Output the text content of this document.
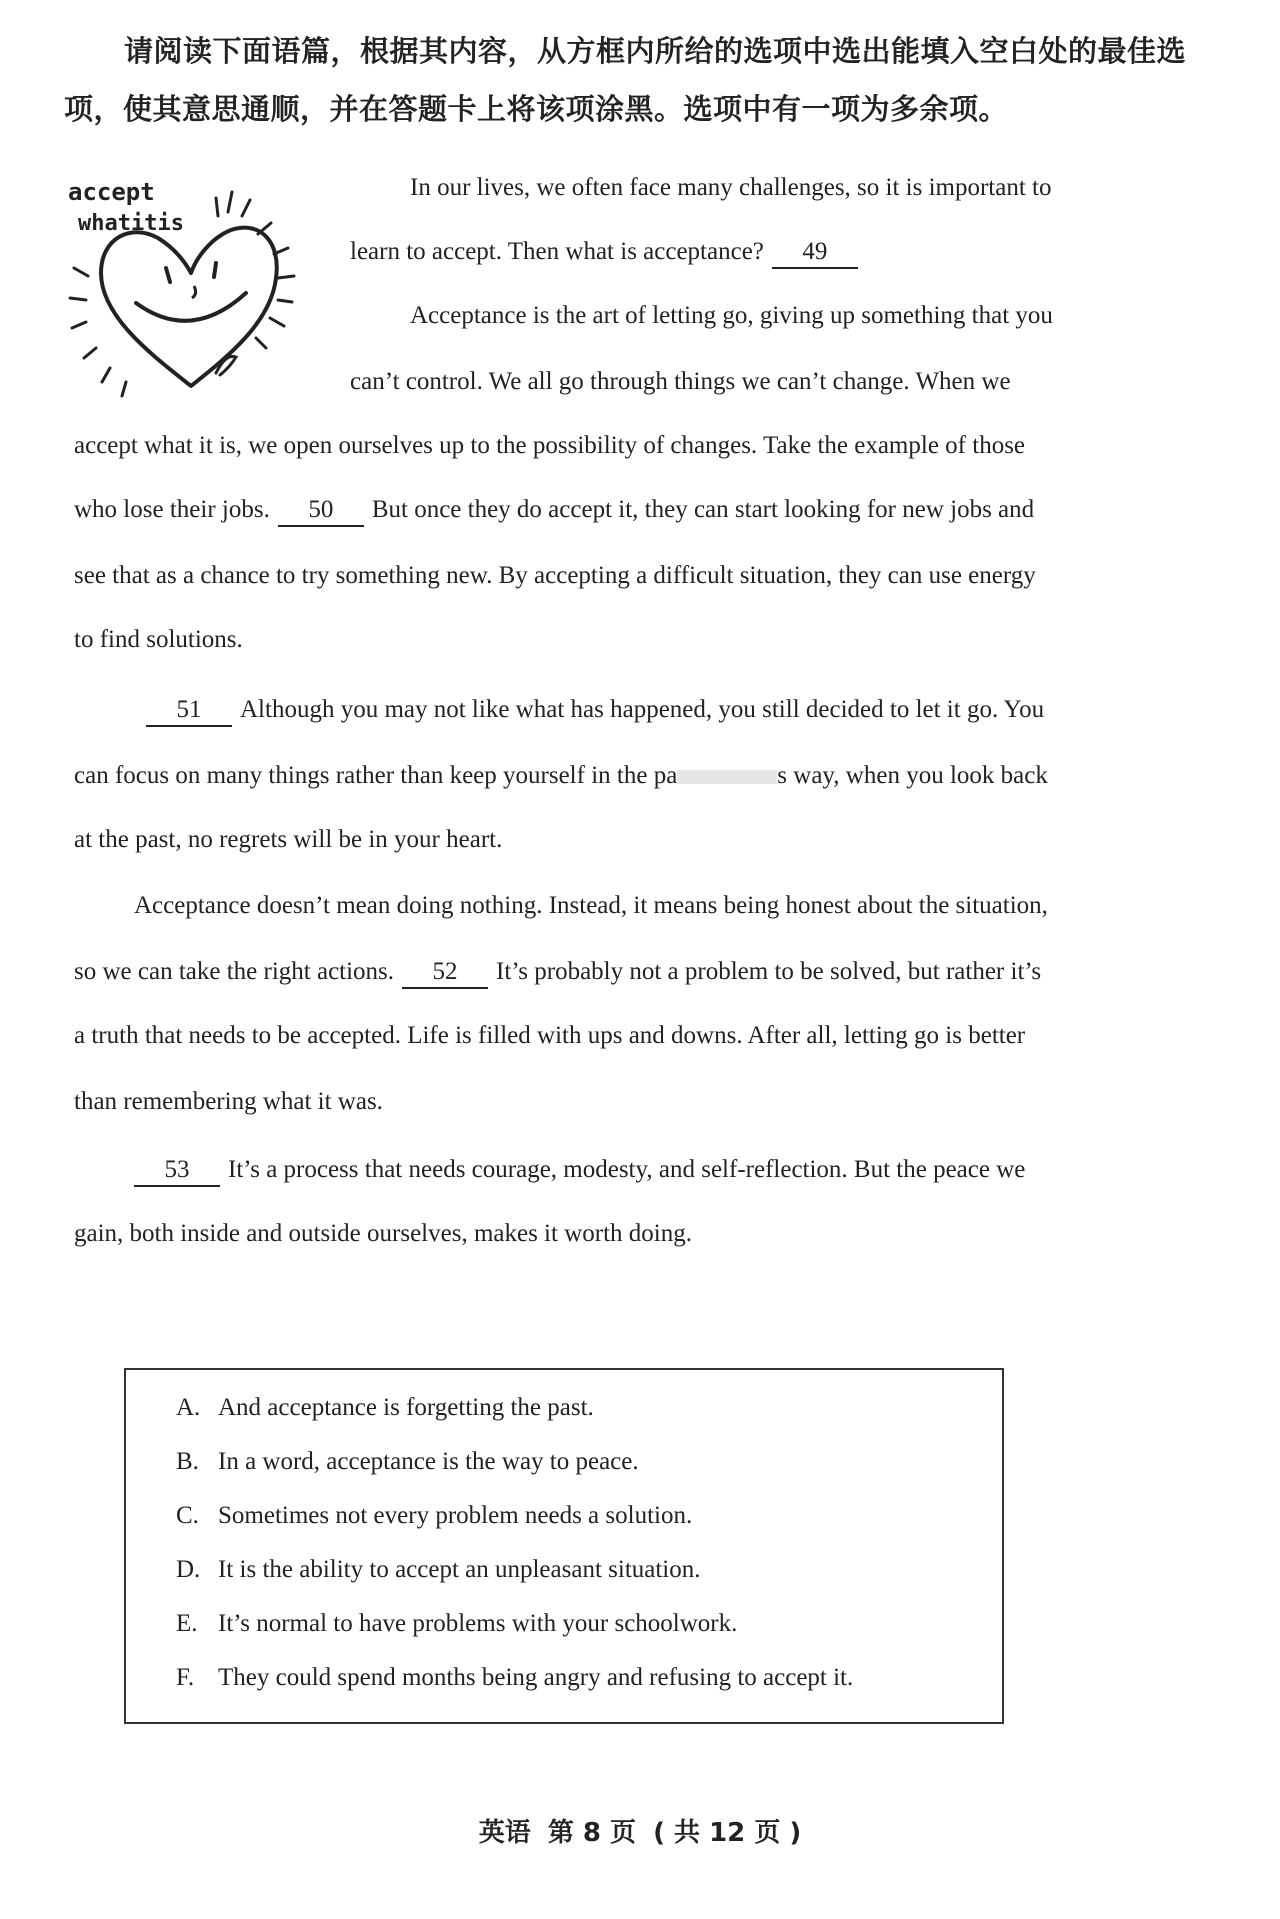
请阅读下面语篇，根据其内容，从方框内所给的选项中选出能填入空白处的最佳选项，使其意思通顺，并在答题卡上将该项涂黑。选项中有一项为多余项。
accept
whatitis
In our lives, we often face many challenges, so it is important to
learn to accept. Then what is acceptance? 49
Acceptance is the art of letting go, giving up something that you
can’t control. We all go through things we can’t change. When we
accept what it is, we open ourselves up to the possibility of changes. Take the example of those
who lose their jobs. 50 But once they do accept it, they can start looking for new jobs and
see that as a chance to try something new. By accepting a difficult situation, they can use energy
to find solutions.
51 Although you may not like what has happened, you still decided to let it go. You
can focus on many things rather than keep yourself in the pa	s way, when you look back
at the past, no regrets will be in your heart.
Acceptance doesn’t mean doing nothing. Instead, it means being honest about the situation,
so we can take the right actions. 52 It’s probably not a problem to be solved, but rather it’s
a truth that needs to be accepted. Life is filled with ups and downs. After all, letting go is better
than remembering what it was.
53 It’s a process that needs courage, modesty, and self-reflection. But the peace we
gain, both inside and outside ourselves, makes it worth doing.
A. And acceptance is forgetting the past.
B. In a word, acceptance is the way to peace.
C. Sometimes not every problem needs a solution.
D. It is the ability to accept an unpleasant situation.
E. It’s normal to have problems with your schoolwork.
F. They could spend months being angry and refusing to accept it.
英语 第 8 页 ( 共 12 页 )
